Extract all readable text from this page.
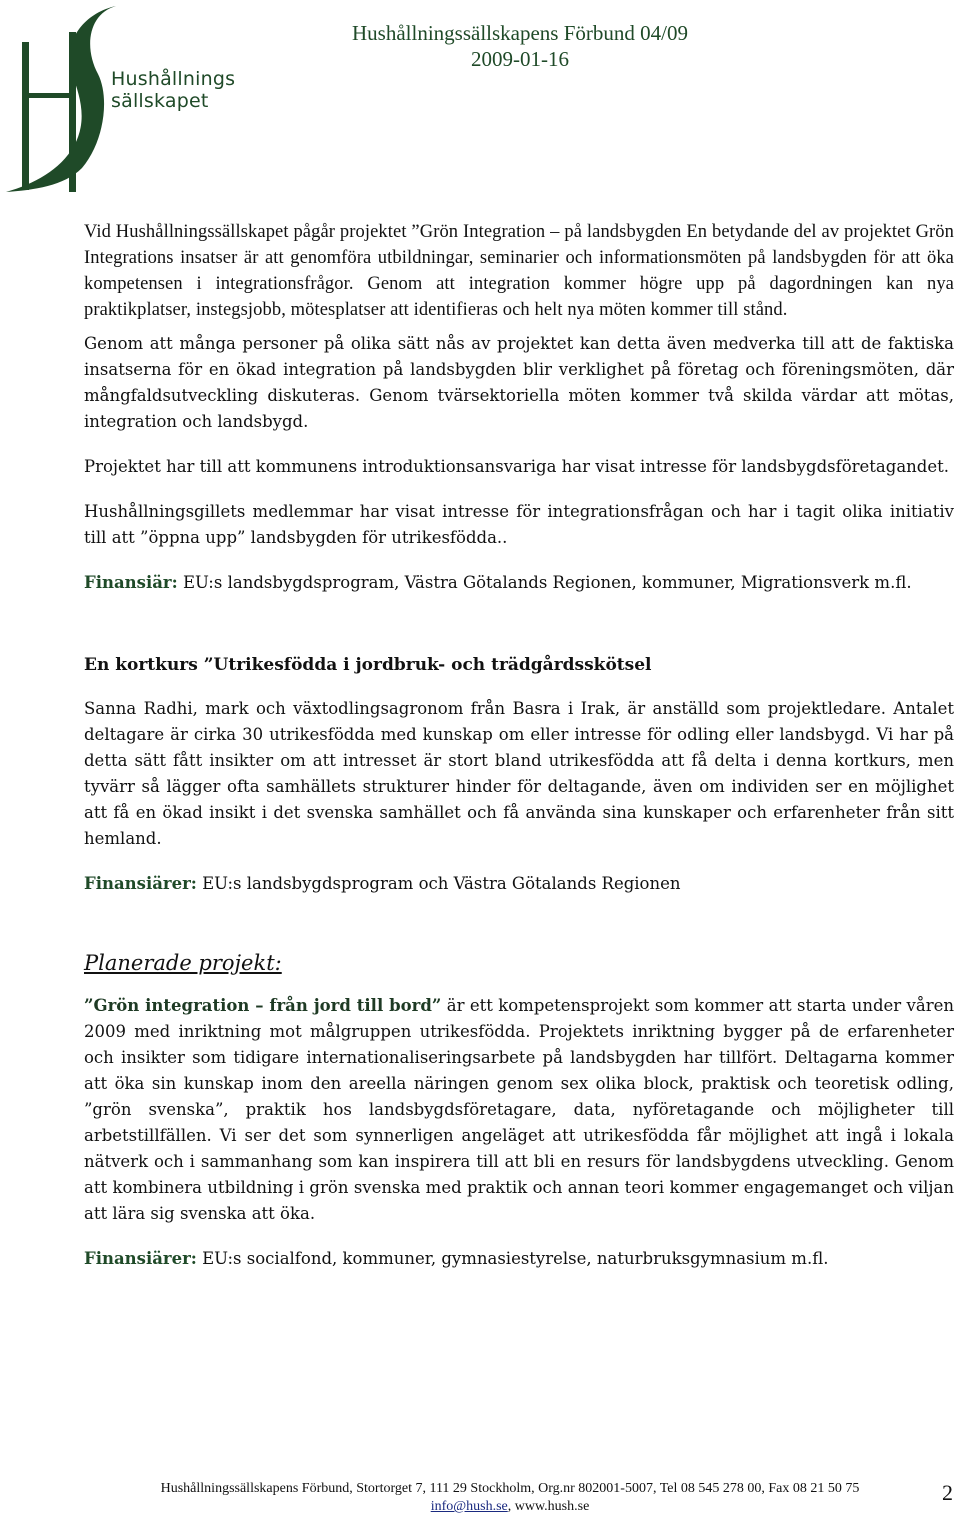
Hushållnings
sällskapet
Hushållningssällskapens Förbund 04/09
2009-01-16

Vid Hushållningssällskapet pågår projektet ”Grön Integration – på landsbygden En betydande del av projektet Grön Integrations insatser är att genomföra utbildningar, seminarier och informationsmöten på landsbygden för att öka kompetensen i integrationsfrågor. Genom att integration kommer högre upp på dagordningen kan nya praktikplatser, instegsjobb, mötesplatser att identifieras och helt nya möten kommer till stånd.

Genom att många personer på olika sätt nås av projektet kan detta även medverka till att de faktiska insatserna för en ökad integration på landsbygden blir verklighet på företag och föreningsmöten, där mångfaldsutveckling diskuteras. Genom tvärsektoriella möten kommer två skilda värdar att mötas, integration och landsbygd.

Projektet har till att kommunens introduktionsansvariga har visat intresse för landsbygdsföretagandet.

Hushållningsgillets medlemmar har visat intresse för integrationsfrågan och har i tagit olika initiativ till att ”öppna upp” landsbygden för utrikesfödda..

Finansiär: EU:s landsbygdsprogram, Västra Götalands Regionen, kommuner, Migrationsverk m.fl.

En kortkurs ”Utrikesfödda i jordbruk- och trädgårdsskötsel

Sanna Radhi, mark och växtodlingsagronom från Basra i Irak, är anställd som projektledare. Antalet deltagare är cirka 30 utrikesfödda med kunskap om eller intresse för odling eller landsbygd. Vi har på detta sätt fått insikter om att intresset är stort bland utrikesfödda att få delta i denna kortkurs, men tyvärr så lägger ofta samhällets strukturer hinder för deltagande, även om individen ser en möjlighet att få en ökad insikt i det svenska samhället och få använda sina kunskaper och erfarenheter från sitt hemland.

Finansiärer: EU:s landsbygdsprogram och Västra Götalands Regionen

Planerade projekt:

”Grön integration – från jord till bord” är ett kompetensprojekt som kommer att starta under våren 2009 med inriktning mot målgruppen utrikesfödda. Projektets inriktning bygger på de erfarenheter och insikter som tidigare internationaliseringsarbete på landsbygden har tillfört. Deltagarna kommer att öka sin kunskap inom den areella näringen genom sex olika block, praktisk och teoretisk odling, ”grön svenska”, praktik hos landsbygdsföretagare, data, nyföretagande och möjligheter till arbetstillfällen. Vi ser det som synnerligen angeläget att utrikesfödda får möjlighet att ingå i lokala nätverk och i sammanhang som kan inspirera till att bli en resurs för landsbygdens utveckling. Genom att kombinera utbildning i grön svenska med praktik och annan teori kommer engagemanget och viljan att lära sig svenska att öka.

Finansiärer: EU:s socialfond, kommuner, gymnasiestyrelse, naturbruksgymnasium m.fl.

Hushållningssällskapens Förbund, Stortorget 7, 111 29 Stockholm, Org.nr 802001-5007, Tel 08 545 278 00, Fax 08 21 50 75
info@hush.se, www.hush.se
2
